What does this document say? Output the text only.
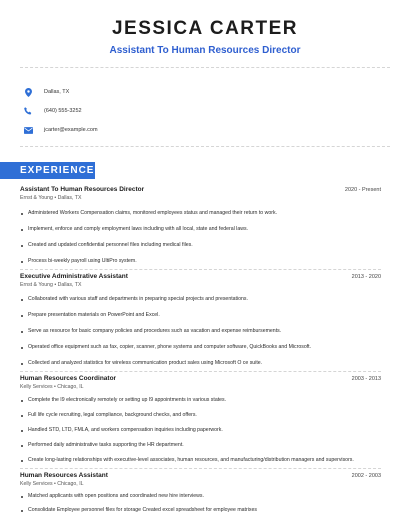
JESSICA CARTER
Assistant To Human Resources Director
Dallas, TX
(640) 555-3252
jcarter@example.com
EXPERIENCE
Assistant To Human Resources Director	2020 - Present
Ernst & Young • Dallas, TX
Administered Workers Compensation claims, monitored employees status and managed their return to work.
Implement, enforce and comply employment laws including with all local, state and federal laws.
Created and updated confidential personnel files including medical files.
Process bi-weekly payroll using UltiPro system.
Executive Administrative Assistant	2013 - 2020
Ernst & Young • Dallas, TX
Collaborated with various staff and departments in preparing special projects and presentations.
Prepare presentation materials on PowerPoint and Excel.
Serve as resource for basic company policies and procedures such as vacation and expense reimbursements.
Operated office equipment such as fax, copier, scanner, phone systems and computer software, QuickBooks and Microsoft.
Collected and analyzed statistics for wireless communication product sales using Microsoft O ce suite.
Human Resources Coordinator	2003 - 2013
Kelly Services • Chicago, IL
Complete the I9 electronically remotely or setting up I9 appointments in various states.
Full life cycle recruiting, legal compliance, background checks, and offers.
Handled STD, LTD, FMLA, and workers compensation inquiries including paperwork.
Performed daily administrative tasks supporting the HR department.
Create long-lasting relationships with executive-level associates, human resources, and manufacturing/distribution managers and supervisors.
Human Resources Assistant	2002 - 2003
Kelly Services • Chicago, IL
Matched applicants with open positions and coordinated new hire interviews.
Consolidate Employee personnel files for storage Created excel spreadsheet for employee matrixes
